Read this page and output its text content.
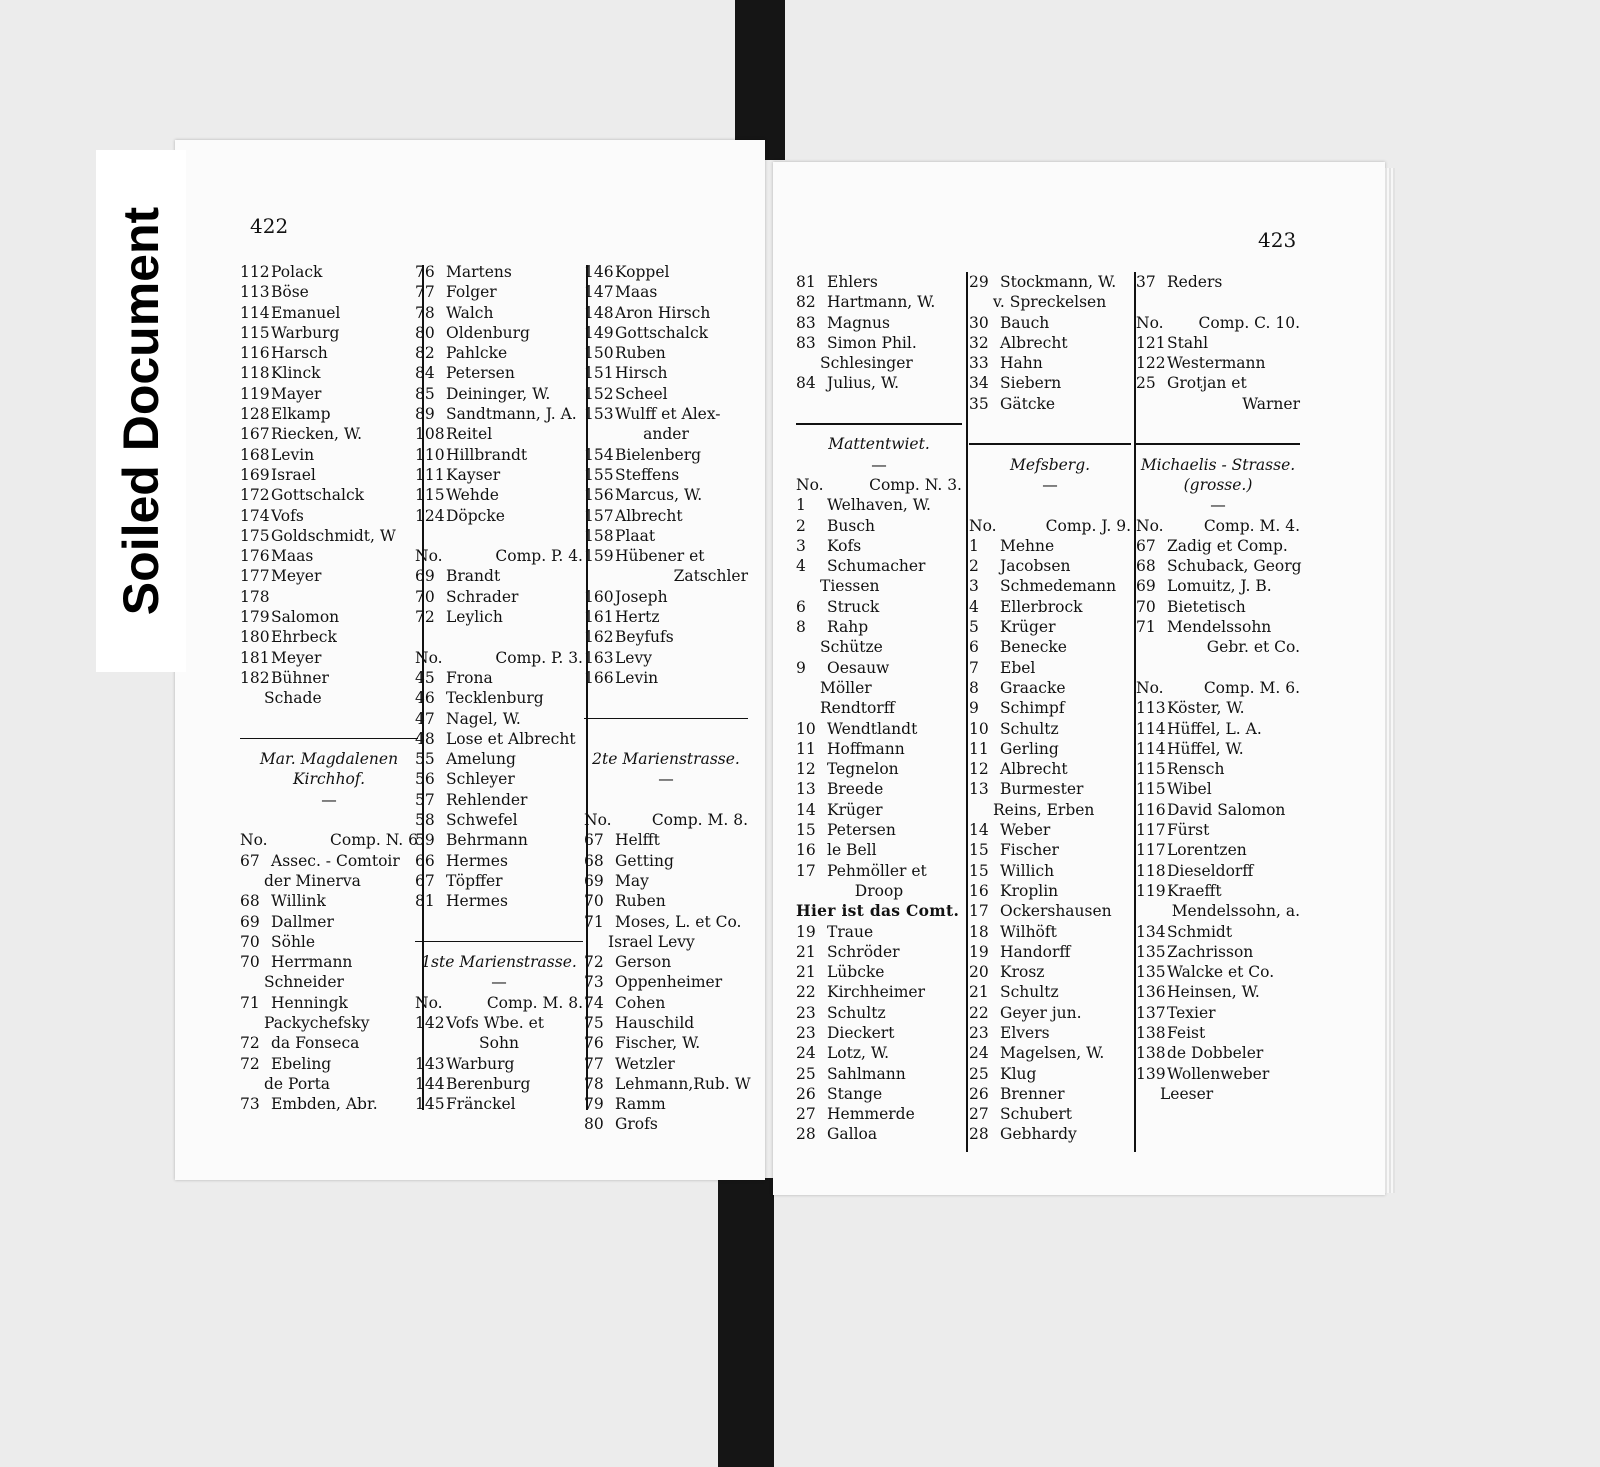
Soiled Document	422
423
112Polack
113Böse
114Emanuel
115Warburg
116Harsch
118Klinck
119Mayer
128Elkamp
167Riecken, W.
168Levin
169Israel
172Gottschalck
174Vofs
175Goldschmidt, W
176Maas
177Meyer
178
179Salomon
180Ehrbeck
181Meyer
182Bühner
Schade
Mar. Magdalenen
Kirchhof.
—
No.	Comp. N. 6
67 Assec. - Comtoir
der Minerva
68 Willink
69 Dallmer
70 Söhle
70 Herrmann
Schneider
71 Henningk
Packychefsky
72 da Fonseca
72 Ebeling
de Porta
73 Embden, Abr.
76 Martens
77 Folger
78 Walch
80 Oldenburg
82 Pahlcke
84 Petersen
85 Deininger, W.
89 Sandtmann, J. A.
108Reitel
110Hillbrandt
111Kayser
115Wehde
124Döpcke
No.	Comp. P. 4.
69 Brandt
70 Schrader
72 Leylich
No.	Comp. P. 3.
45 Frona
46 Tecklenburg
47 Nagel, W.
48 Lose et Albrecht
55 Amelung
56 Schleyer
57 Rehlender
58 Schwefel
59 Behrmann
66 Hermes
67 Töpffer
81 Hermes
1ste Marienstrasse.
—
No.	Comp. M. 8.
142Vofs Wbe. et
Sohn
143Warburg
144Berenburg
145Fränckel
146Koppel
147Maas
148Aron Hirsch
149Gottschalck
150Ruben
151Hirsch
152Scheel
153Wulff et Alex-
ander
154Bielenberg
155Steffens
156Marcus, W.
157Albrecht
158Plaat
159Hübener et
Zatschler
160Joseph
161Hertz
162Beyfufs
163Levy
166Levin
2te Marienstrasse.
—
No.	Comp. M. 8.
67 Helfft
68 Getting
69 May
70 Ruben
71 Moses, L. et Co.
Israel Levy
72 Gerson
73 Oppenheimer
74 Cohen
75 Hauschild
76 Fischer, W.
77 Wetzler
78 Lehmann,Rub. W
79 Ramm
80 Grofs
81 Ehlers
82 Hartmann, W.
83 Magnus
83 Simon Phil.
Schlesinger
84 Julius, W.
Mattentwiet.
—
No.	Comp. N. 3.
1 Welhaven, W.
2 Busch
3 Kofs
4 Schumacher
Tiessen
6 Struck
8 Rahp
Schütze
9 Oesauw
Möller
Rendtorff
10 Wendtlandt
11 Hoffmann
12 Tegnelon
13 Breede
14 Krüger
15 Petersen
16 le Bell
17 Pehmöller et
Droop
Hier ist das Comt.
19 Traue
21 Schröder
21 Lübcke
22 Kirchheimer
23 Schultz
23 Dieckert
24 Lotz, W.
25 Sahlmann
26 Stange
27 Hemmerde
28 Galloa
29 Stockmann, W.
v. Spreckelsen
30 Bauch
32 Albrecht
33 Hahn
34 Siebern
35 Gätcke
Mefsberg.
—
No.	Comp. J. 9.
1 Mehne
2 Jacobsen
3 Schmedemann
4 Ellerbrock
5 Krüger
6 Benecke
7 Ebel
8 Graacke
9 Schimpf
10 Schultz
11 Gerling
12 Albrecht
13 Burmester
Reins, Erben
14 Weber
15 Fischer
15 Willich
16 Kroplin
17 Ockershausen
18 Wilhöft
19 Handorff
20 Krosz
21 Schultz
22 Geyer jun.
23 Elvers
24 Magelsen, W.
25 Klug
26 Brenner
27 Schubert
28 Gebhardy
37 Reders
No. Comp. C. 10.
121Stahl
122Westermann
25 Grotjan et
Warner
Michaelis - Strasse.
(grosse.)
—
No.	Comp. M. 4.
67 Zadig et Comp.
68 Schuback, Georg
69 Lomuitz, J. B.
70 Bietetisch
71 Mendelssohn
Gebr. et Co.
No.	Comp. M. 6.
113Köster, W.
114Hüffel, L. A.
114Hüffel, W.
115Rensch
115Wibel
116David Salomon
117Fürst
117Lorentzen
118Dieseldorff
119Kraefft
Mendelssohn, a.
134Schmidt
135Zachrisson
135Walcke et Co.
136Heinsen, W.
137Texier
138Feist
138de Dobbeler
139Wollenweber
Leeser
